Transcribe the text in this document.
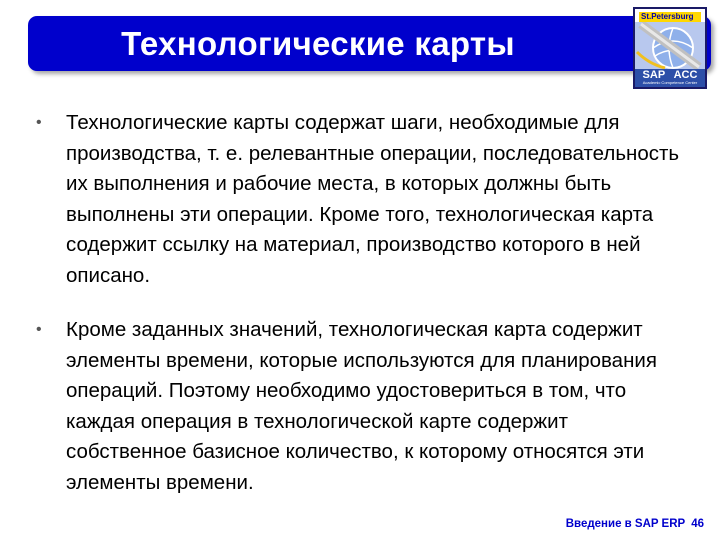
Технологические карты
St.Petersburg
SAP ACC
Academic Competence Center

•	Технологические карты содержат шаги, необходимые для производства, т. е. релевантные операции, последовательность их выполнения и рабочие места, в которых должны быть выполнены эти операции. Кроме того, технологическая карта содержит ссылку на материал, производство которого в ней описано.

•	Кроме заданных значений, технологическая карта содержит элементы времени, которые используются для планирования операций. Поэтому необходимо удостовериться в том, что каждая операция в технологической карте содержит собственное базисное количество, к которому относятся эти элементы времени.

Введение в SAP ERP 46
